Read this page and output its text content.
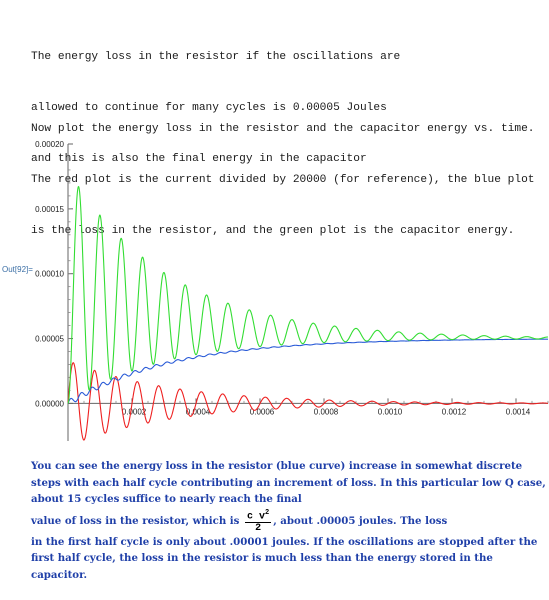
The energy loss in the resistor if the oscillations are

allowed to continue for many cycles is 0.00005 Joules

and this is also the final energy in the capacitor

Now plot the energy loss in the resistor and the capacitor energy vs. time.

The red plot is the current divided by 20000 (for reference), the blue plot

is the loss in the resistor, and the green plot is the capacitor energy.

Out[92]=
0.00000
0.00005
0.00010
0.00015
0.00020
0.0002	0.0004	0.0006	0.0008	0.0010	0.0012	0.0014
You can see the energy loss in the resistor (blue curve) increase in somewhat discrete steps with each half cycle contributing an increment of loss. In this particular low Q case, about 15 cycles suffice to nearly reach the final
value of loss in the resistor, which is $\frac{c v^2}{2}$ , about .00005 joules. The loss
in the first half cycle is only about .00001 joules. If the oscillations are stopped after the first half cycle, the loss in the resistor is much less than the energy stored in the capacitor.
